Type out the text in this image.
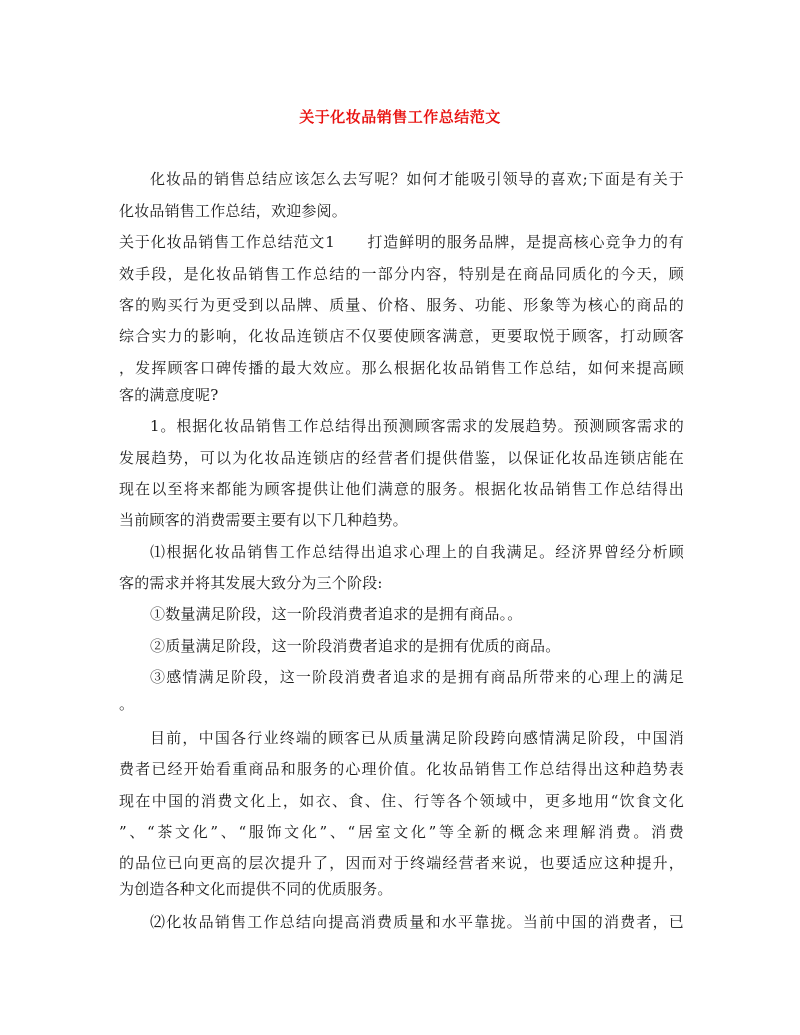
关于化妆品销售工作总结范文
化妆品的销售总结应该怎么去写呢？如何才能吸引领导的喜欢;下面是有关于
化妆品销售工作总结，欢迎参阅。
关于化妆品销售工作总结范文1　　打造鲜明的服务品牌，是提高核心竞争力的有
效手段，是化妆品销售工作总结的一部分内容，特别是在商品同质化的今天，顾
客的购买行为更受到以品牌、质量、价格、服务、功能、形象等为核心的商品的
综合实力的影响，化妆品连锁店不仅要使顾客满意，更要取悦于顾客，打动顾客
，发挥顾客口碑传播的最大效应。那么根据化妆品销售工作总结，如何来提高顾
客的满意度呢?
1。根据化妆品销售工作总结得出预测顾客需求的发展趋势。预测顾客需求的
发展趋势，可以为化妆品连锁店的经营者们提供借鉴，以保证化妆品连锁店能在
现在以至将来都能为顾客提供让他们满意的服务。根据化妆品销售工作总结得出
当前顾客的消费需要主要有以下几种趋势。
⑴根据化妆品销售工作总结得出追求心理上的自我满足。经济界曾经分析顾
客的需求并将其发展大致分为三个阶段:
①数量满足阶段，这一阶段消费者追求的是拥有商品。。
②质量满足阶段，这一阶段消费者追求的是拥有优质的商品。
③感情满足阶段，这一阶段消费者追求的是拥有商品所带来的心理上的满足
。
目前，中国各行业终端的顾客已从质量满足阶段跨向感情满足阶段，中国消
费者已经开始看重商品和服务的心理价值。化妆品销售工作总结得出这种趋势表
现在中国的消费文化上，如衣、食、住、行等各个领域中，更多地用“饮食文化
”、“茶文化”、“服饰文化”、“居室文化”等全新的概念来理解消费。消费
的品位已向更高的层次提升了，因而对于终端经营者来说，也要适应这种提升，
为创造各种文化而提供不同的优质服务。
⑵化妆品销售工作总结向提高消费质量和水平靠拢。当前中国的消费者，已
